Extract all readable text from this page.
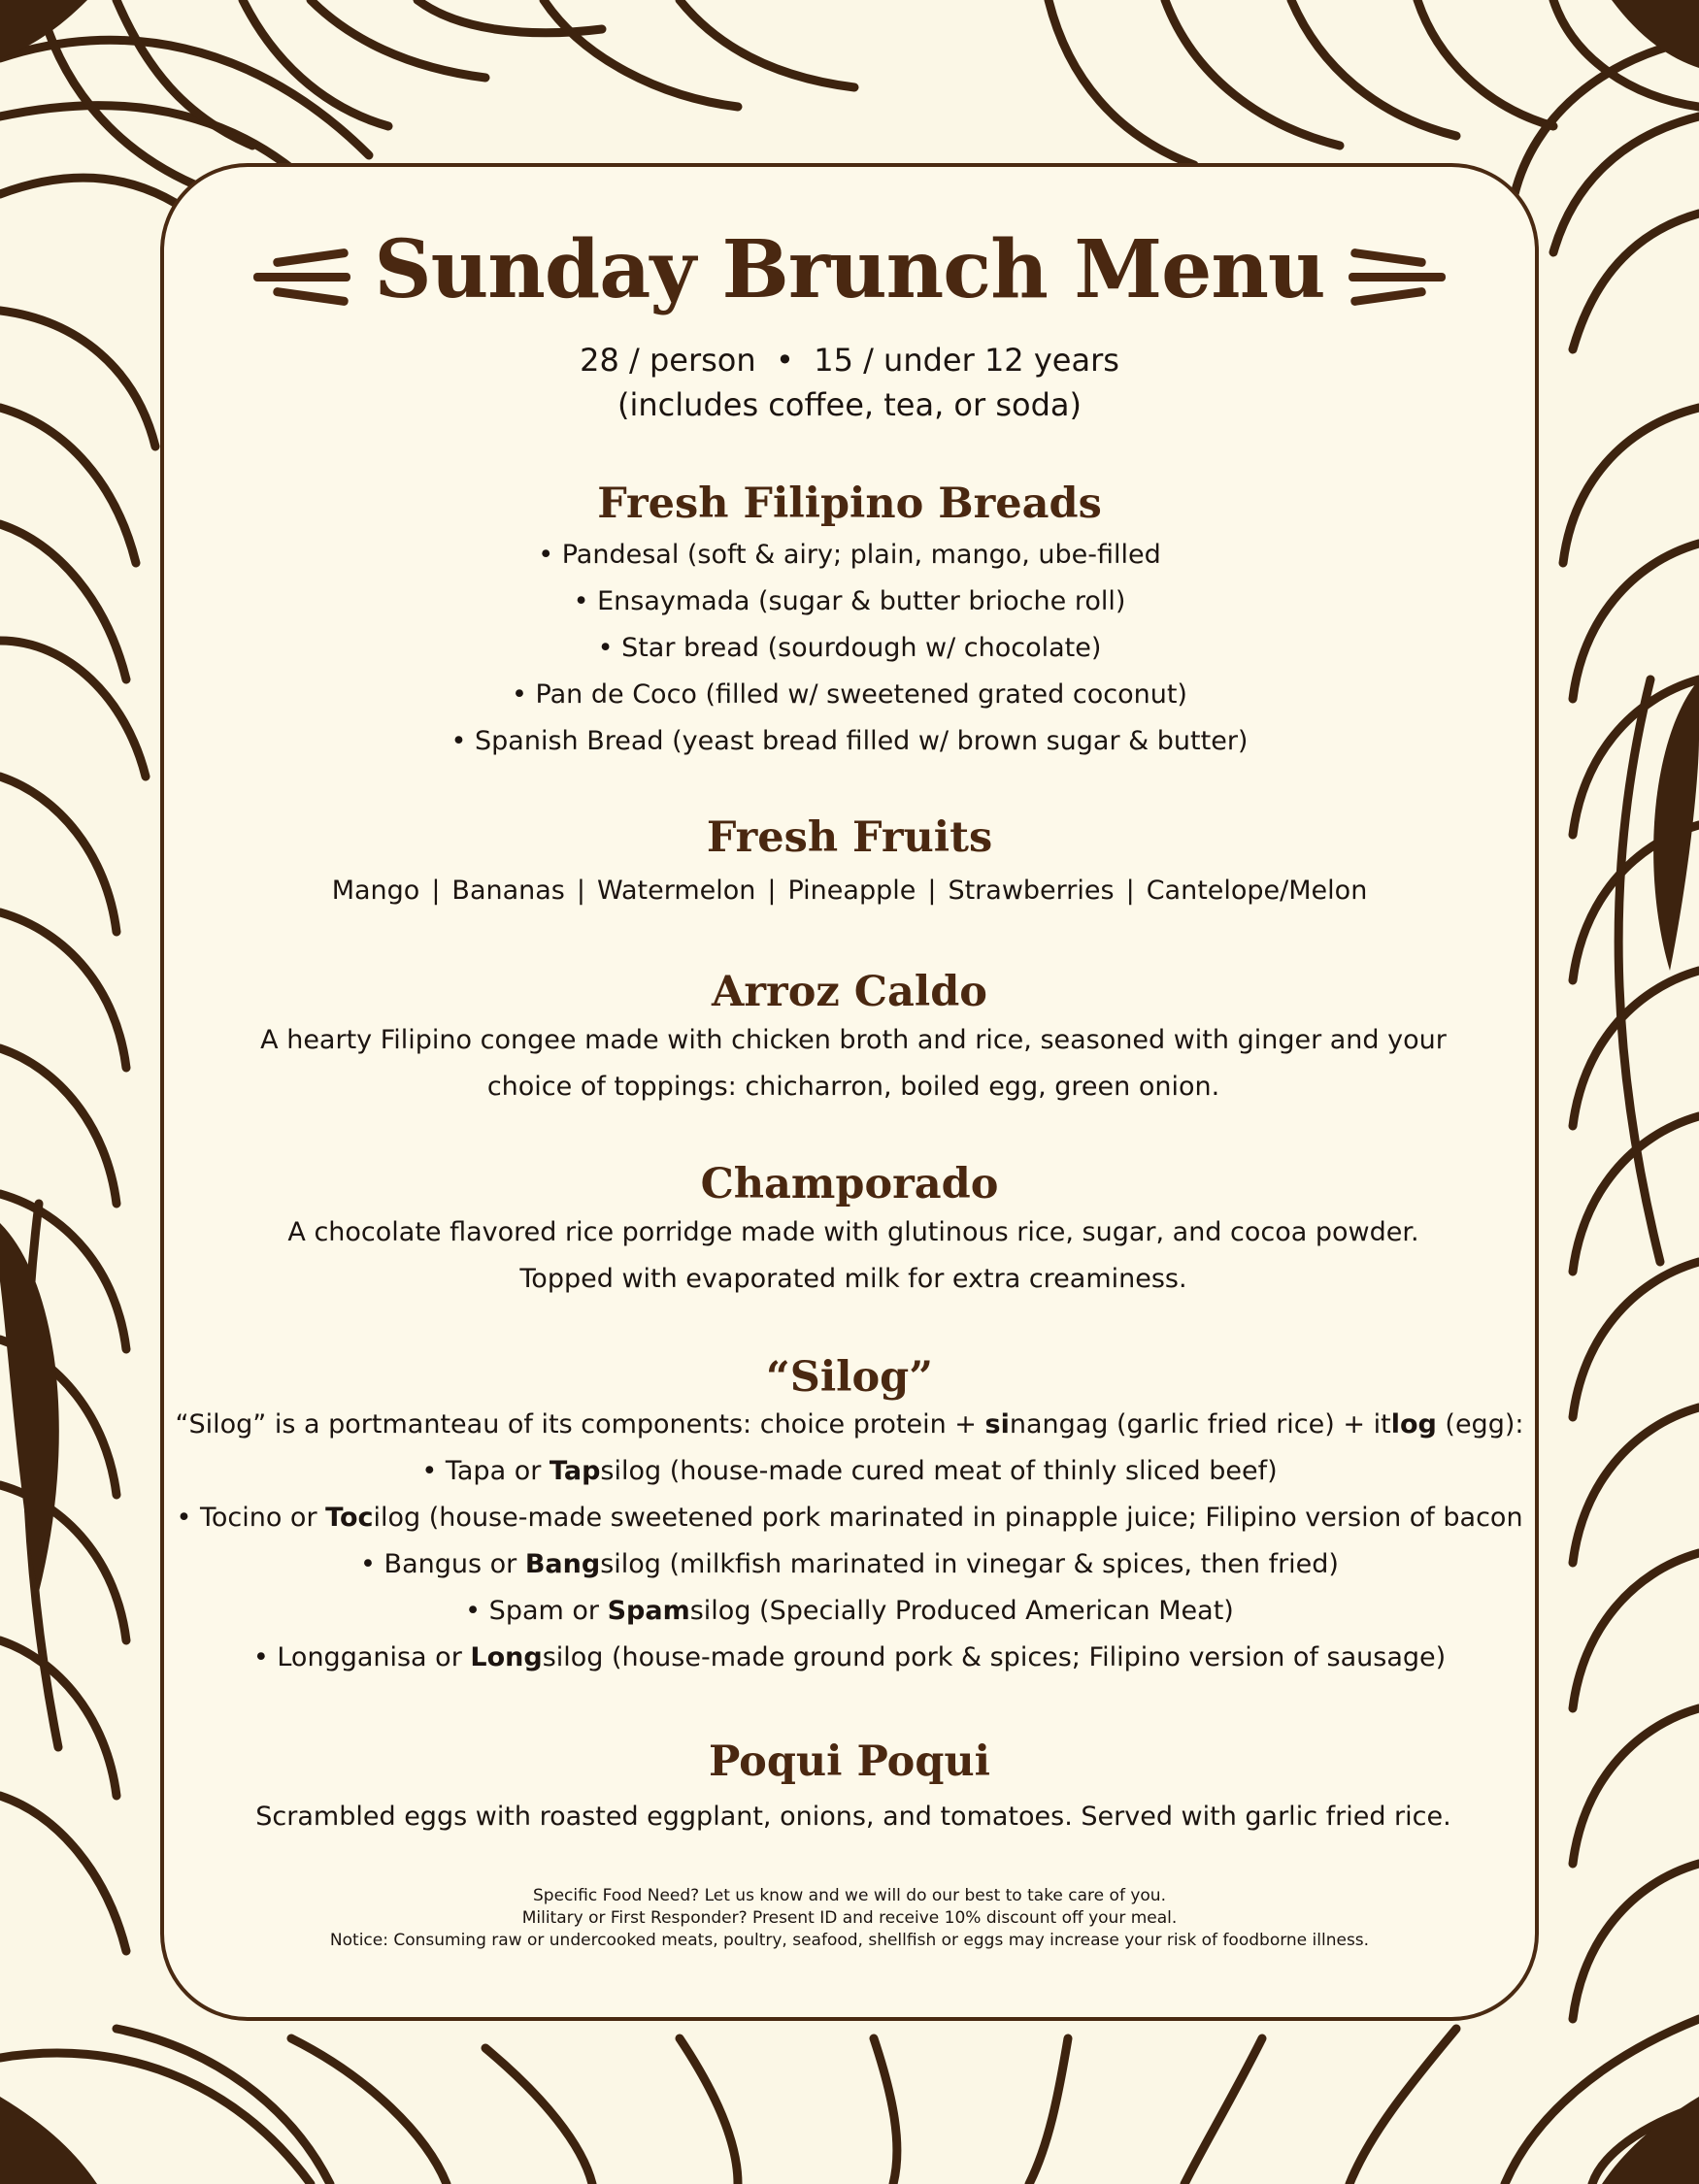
Sunday Brunch Menu
28 / person  •  15 / under 12 years
(includes coffee, tea, or soda)
Fresh Filipino Breads
• Pandesal (soft & airy; plain, mango, ube-filled
• Ensaymada (sugar & butter brioche roll)
• Star bread (sourdough w/ chocolate)
• Pan de Coco (filled w/ sweetened grated coconut)
• Spanish Bread (yeast bread filled w/ brown sugar & butter)
Fresh Fruits
Mango | Bananas | Watermelon | Pineapple | Strawberries | Cantelope/Melon
Arroz Caldo
A hearty Filipino congee made with chicken broth and rice, seasoned with ginger and your
choice of toppings: chicharron, boiled egg, green onion.
Champorado
A chocolate flavored rice porridge made with glutinous rice, sugar, and cocoa powder.
Topped with evaporated milk for extra creaminess.
“Silog”
“Silog” is a portmanteau of its components: choice protein + sinangag (garlic fried rice) + itlog (egg):
• Tapa or Tapsilog (house-made cured meat of thinly sliced beef)
• Tocino or Tocilog (house-made sweetened pork marinated in pinapple juice; Filipino version of bacon
• Bangus or Bangsilog (milkfish marinated in vinegar & spices, then fried)
• Spam or Spamsilog (Specially Produced American Meat)
• Longganisa or Longsilog (house-made ground pork & spices; Filipino version of sausage)
Poqui Poqui
Scrambled eggs with roasted eggplant, onions, and tomatoes. Served with garlic fried rice.
Specific Food Need? Let us know and we will do our best to take care of you.
Military or First Responder? Present ID and receive 10% discount off your meal.
Notice: Consuming raw or undercooked meats, poultry, seafood, shellfish or eggs may increase your risk of foodborne illness.
